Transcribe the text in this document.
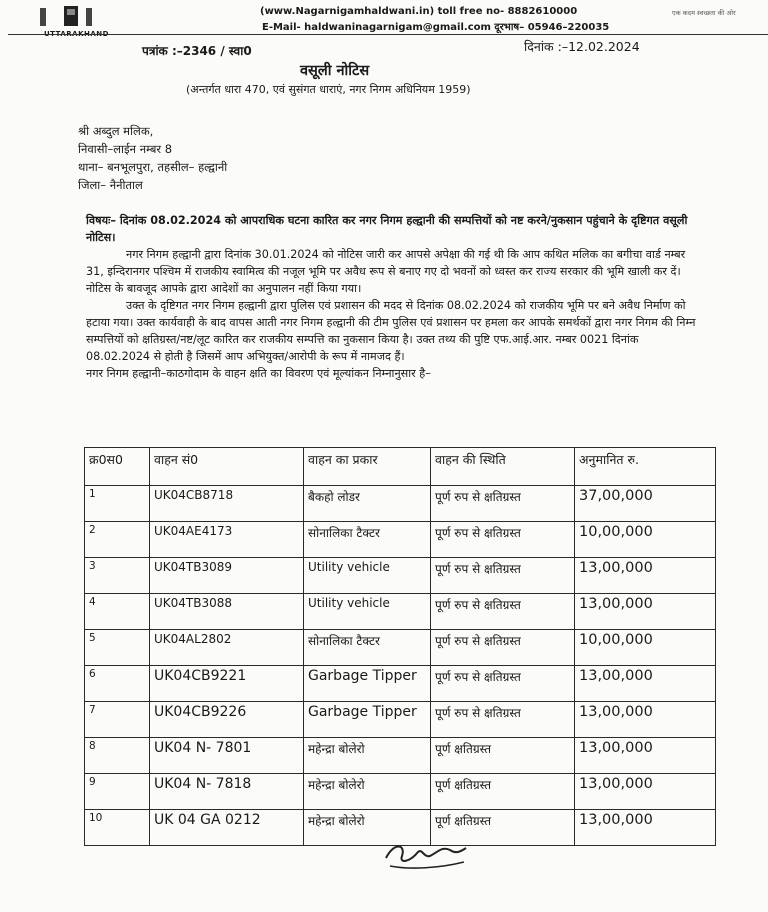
UTTARAKHAND
(www.Nagarnigamhaldwani.in) toll free no- 8882610000
E-Mail- haldwaninagarnigam@gmail.com दूरभाष– 05946–220035
एक कदम स्वच्छता की ओर
पत्रांक :–2346 / स्वा0	दिनांक :–12.02.2024
वसूली नोटिस
(अन्तर्गत धारा 470, एवं सुसंगत धाराएं, नगर निगम अधिनियम 1959)
श्री अब्दुल मलिक,
निवासी–लाईन नम्बर 8
थाना– बनभूलपुरा, तहसील– हल्द्वानी
जिला– नैनीताल

विषयः– दिनांक 08.02.2024 को आपराधिक घटना कारित कर नगर निगम हल्द्वानी की सम्पत्तियों को नष्ट करने/नुकसान पहुंचाने के दृष्टिगत वसूली नोटिस।

नगर निगम हल्द्वानी द्वारा दिनांक 30.01.2024 को नोटिस जारी कर आपसे अपेक्षा की गई थी कि आप कथित मलिक का बगीचा वार्ड नम्बर 31, इन्दिरानगर पश्चिम में राजकीय स्वामित्व की नजूल भूमि पर अवैध रूप से बनाए गए दो भवनों को ध्वस्त कर राज्य सरकार की भूमि खाली कर दें। नोटिस के बावजूद आपके द्वारा आदेशों का अनुपालन नहीं किया गया।

उक्त के दृष्टिगत नगर निगम हल्द्वानी द्वारा पुलिस एवं प्रशासन की मदद से दिनांक 08.02.2024 को राजकीय भूमि पर बने अवैध निर्माण को हटाया गया। उक्त कार्यवाही के बाद वापस आती नगर निगम हल्द्वानी की टीम पुलिस एवं प्रशासन पर हमला कर आपके समर्थकों द्वारा नगर निगम की निम्न सम्पत्तियों को क्षतिग्रस्त/नष्ट/लूट कारित कर राजकीय सम्पत्ति का नुकसान किया है। उक्त तथ्य की पुष्टि एफ.आई.आर. नम्बर 0021 दिनांक 08.02.2024 से होती है जिसमें आप अभियुक्त/आरोपी के रूप में नामजद हैं।

नगर निगम हल्द्वानी–काठगोदाम के वाहन क्षति का विवरण एवं मूल्यांकन निम्नानुसार है–

क्र0स0	वाहन सं0	वाहन का प्रकार	वाहन की स्थिति	अनुमानित रु.
1	UK04CB8718	बैकहो लोडर	पूर्ण रुप से क्षतिग्रस्त	37,00,000
2	UK04AE4173	सोनालिका टैक्टर	पूर्ण रुप से क्षतिग्रस्त	10,00,000
3	UK04TB3089	Utility vehicle	पूर्ण रुप से क्षतिग्रस्त	13,00,000
4	UK04TB3088	Utility vehicle	पूर्ण रुप से क्षतिग्रस्त	13,00,000
5	UK04AL2802	सोनालिका टैक्टर	पूर्ण रुप से क्षतिग्रस्त	10,00,000
6	UK04CB9221	Garbage Tipper	पूर्ण रुप से क्षतिग्रस्त	13,00,000
7	UK04CB9226	Garbage Tipper	पूर्ण रुप से क्षतिग्रस्त	13,00,000
8	UK04 N- 7801	महेन्द्रा बोलेरो	पूर्ण क्षतिग्रस्त	13,00,000
9	UK04 N- 7818	महेन्द्रा बोलेरो	पूर्ण क्षतिग्रस्त	13,00,000
10	UK 04 GA 0212	महेन्द्रा बोलेरो	पूर्ण क्षतिग्रस्त	13,00,000
